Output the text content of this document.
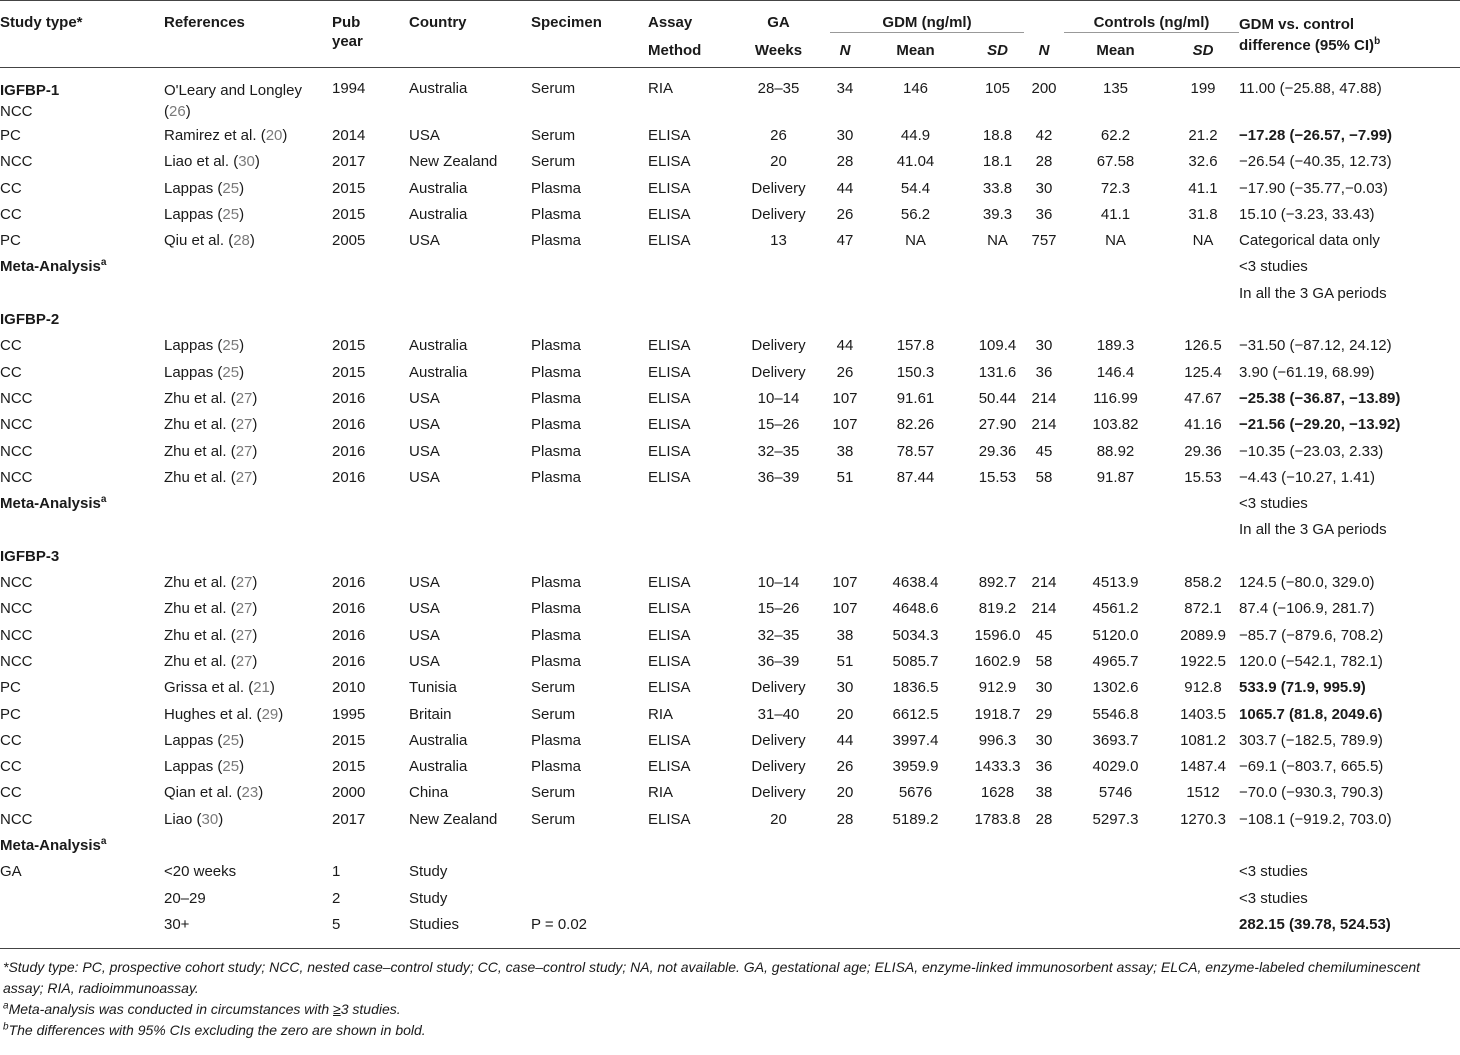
Study type*	References	Pub	Country	Specimen	Assay	GA	GDM (ng/ml)				Controls (ng/ml)		GDM vs. control
difference (95% CI)$^b$
		year			Method	Weeks	N	Mean	SD	N	Mean	SD	

IGFBP-1
NCC	O'Leary and Longley (26)	1994	Australia	Serum	RIA	28–35	34	146	105	200	135	199	11.00 (−25.88, 47.88)
PC	Ramirez et al. (20)	2014	USA	Serum	ELISA	26	30	44.9	18.8	42	62.2	21.2	−17.28 (−26.57, −7.99)
NCC	Liao et al. (30)	2017	New Zealand	Serum	ELISA	20	28	41.04	18.1	28	67.58	32.6	−26.54 (−40.35, 12.73)
CC	Lappas (25)	2015	Australia	Plasma	ELISA	Delivery	44	54.4	33.8	30	72.3	41.1	−17.90 (−35.77,−0.03)
CC	Lappas (25)	2015	Australia	Plasma	ELISA	Delivery	26	56.2	39.3	36	41.1	31.8	15.10 (−3.23, 33.43)
PC	Qiu et al. (28)	2005	USA	Plasma	ELISA	13	47	NA	NA	757	NA	NA	Categorical data only
Meta-Analysis$^a$													<3 studies
													In all the 3 GA periods

IGFBP-2													

CC	Lappas (25)	2015	Australia	Plasma	ELISA	Delivery	44	157.8	109.4	30	189.3	126.5	−31.50 (−87.12, 24.12)
CC	Lappas (25)	2015	Australia	Plasma	ELISA	Delivery	26	150.3	131.6	36	146.4	125.4	3.90 (−61.19, 68.99)
NCC	Zhu et al. (27)	2016	USA	Plasma	ELISA	10–14	107	91.61	50.44	214	116.99	47.67	−25.38 (−36.87, −13.89)
NCC	Zhu et al. (27)	2016	USA	Plasma	ELISA	15–26	107	82.26	27.90	214	103.82	41.16	−21.56 (−29.20, −13.92)
NCC	Zhu et al. (27)	2016	USA	Plasma	ELISA	32–35	38	78.57	29.36	45	88.92	29.36	−10.35 (−23.03, 2.33)
NCC	Zhu et al. (27)	2016	USA	Plasma	ELISA	36–39	51	87.44	15.53	58	91.87	15.53	−4.43 (−10.27, 1.41)
Meta-Analysis$^a$													<3 studies
													In all the 3 GA periods

IGFBP-3													

NCC	Zhu et al. (27)	2016	USA	Plasma	ELISA	10–14	107	4638.4	892.7	214	4513.9	858.2	124.5 (−80.0, 329.0)
NCC	Zhu et al. (27)	2016	USA	Plasma	ELISA	15–26	107	4648.6	819.2	214	4561.2	872.1	87.4 (−106.9, 281.7)
NCC	Zhu et al. (27)	2016	USA	Plasma	ELISA	32–35	38	5034.3	1596.0	45	5120.0	2089.9	−85.7 (−879.6, 708.2)
NCC	Zhu et al. (27)	2016	USA	Plasma	ELISA	36–39	51	5085.7	1602.9	58	4965.7	1922.5	120.0 (−542.1, 782.1)
PC	Grissa et al. (21)	2010	Tunisia	Serum	ELISA	Delivery	30	1836.5	912.9	30	1302.6	912.8	533.9 (71.9, 995.9)
PC	Hughes et al. (29)	1995	Britain	Serum	RIA	31–40	20	6612.5	1918.7	29	5546.8	1403.5	1065.7 (81.8, 2049.6)
CC	Lappas (25)	2015	Australia	Plasma	ELISA	Delivery	44	3997.4	996.3	30	3693.7	1081.2	303.7 (−182.5, 789.9)
CC	Lappas (25)	2015	Australia	Plasma	ELISA	Delivery	26	3959.9	1433.3	36	4029.0	1487.4	−69.1 (−803.7, 665.5)
CC	Qian et al. (23)	2000	China	Serum	RIA	Delivery	20	5676	1628	38	5746	1512	−70.0 (−930.3, 790.3)
NCC	Liao (30)	2017	New Zealand	Serum	ELISA	20	28	5189.2	1783.8	28	5297.3	1270.3	−108.1 (−919.2, 703.0)
Meta-Analysis$^a$													
GA	<20 weeks	1	Study										<3 studies
	20–29	2	Study										<3 studies
	30+	5	Studies	P = 0.02									282.15 (39.78, 524.53)

*Study type: PC, prospective cohort study; NCC, nested case–control study; CC, case–control study; NA, not available. GA, gestational age; ELISA, enzyme-linked immunosorbent assay; ELCA, enzyme-labeled chemiluminescent assay; RIA, radioimmunoassay.

$^a$Meta-analysis was conducted in circumstances with ≥3 studies.

$^b$The differences with 95% CIs excluding the zero are shown in bold.
